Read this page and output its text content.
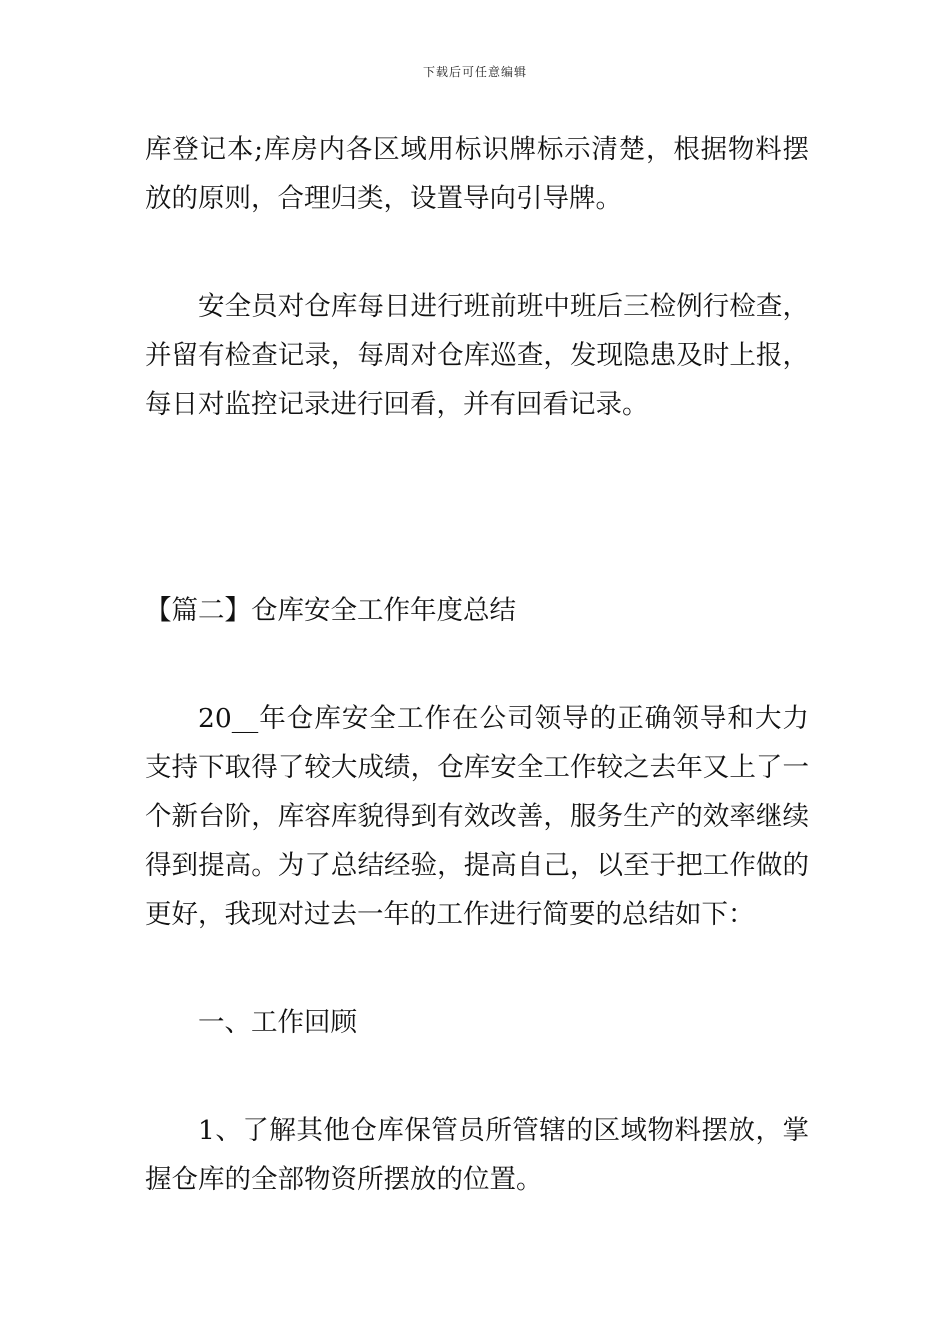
下载后可任意编辑

库登记本;库房内各区域用标识牌标示清楚，根据物料摆放的原则，合理归类，设置导向引导牌。

安全员对仓库每日进行班前班中班后三检例行检查，并留有检查记录，每周对仓库巡查，发现隐患及时上报，每日对监控记录进行回看，并有回看记录。

【篇二】仓库安全工作年度总结

20__年仓库安全工作在公司领导的正确领导和大力支持下取得了较大成绩，仓库安全工作较之去年又上了一个新台阶，库容库貌得到有效改善，服务生产的效率继续得到提高。为了总结经验，提高自己，以至于把工作做的更好，我现对过去一年的工作进行简要的总结如下：

一、工作回顾

1、了解其他仓库保管员所管辖的区域物料摆放，掌握仓库的全部物资所摆放的位置。
